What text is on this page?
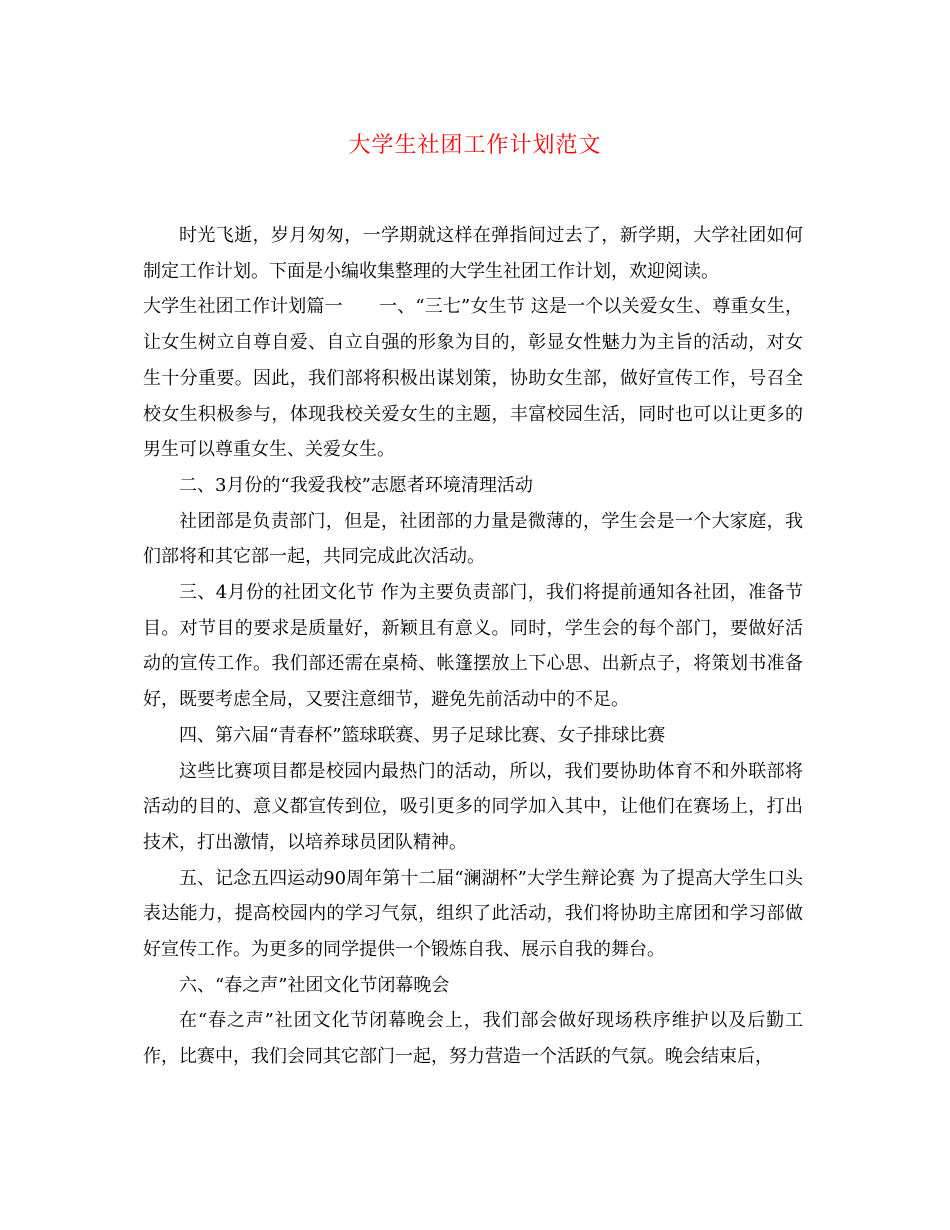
大学生社团工作计划范文

时光飞逝，岁月匆匆，一学期就这样在弹指间过去了，新学期，大学社团如何制定工作计划。下面是小编收集整理的大学生社团工作计划，欢迎阅读。

大学生社团工作计划篇一　　一、“三七”女生节 这是一个以关爱女生、尊重女生，让女生树立自尊自爱、自立自强的形象为目的，彰显女性魅力为主旨的活动，对女生十分重要。因此，我们部将积极出谋划策，协助女生部，做好宣传工作，号召全校女生积极参与，体现我校关爱女生的主题，丰富校园生活，同时也可以让更多的男生可以尊重女生、关爱女生。

二、3月份的“我爱我校”志愿者环境清理活动

社团部是负责部门，但是，社团部的力量是微薄的，学生会是一个大家庭，我们部将和其它部一起，共同完成此次活动。

三、4月份的社团文化节 作为主要负责部门，我们将提前通知各社团，准备节目。对节目的要求是质量好，新颖且有意义。同时，学生会的每个部门，要做好活动的宣传工作。我们部还需在桌椅、帐篷摆放上下心思、出新点子，将策划书准备好，既要考虑全局，又要注意细节，避免先前活动中的不足。

四、第六届“青春杯”篮球联赛、男子足球比赛、女子排球比赛

这些比赛项目都是校园内最热门的活动，所以，我们要协助体育不和外联部将活动的目的、意义都宣传到位，吸引更多的同学加入其中，让他们在赛场上，打出技术，打出激情，以培养球员团队精神。

五、记念五四运动90周年第十二届“澜湖杯”大学生辩论赛 为了提高大学生口头表达能力，提高校园内的学习气氛，组织了此活动，我们将协助主席团和学习部做好宣传工作。为更多的同学提供一个锻炼自我、展示自我的舞台。

六、“春之声”社团文化节闭幕晚会

在“春之声”社团文化节闭幕晚会上，我们部会做好现场秩序维护以及后勤工作，比赛中，我们会同其它部门一起，努力营造一个活跃的气氛。晚会结束后，
